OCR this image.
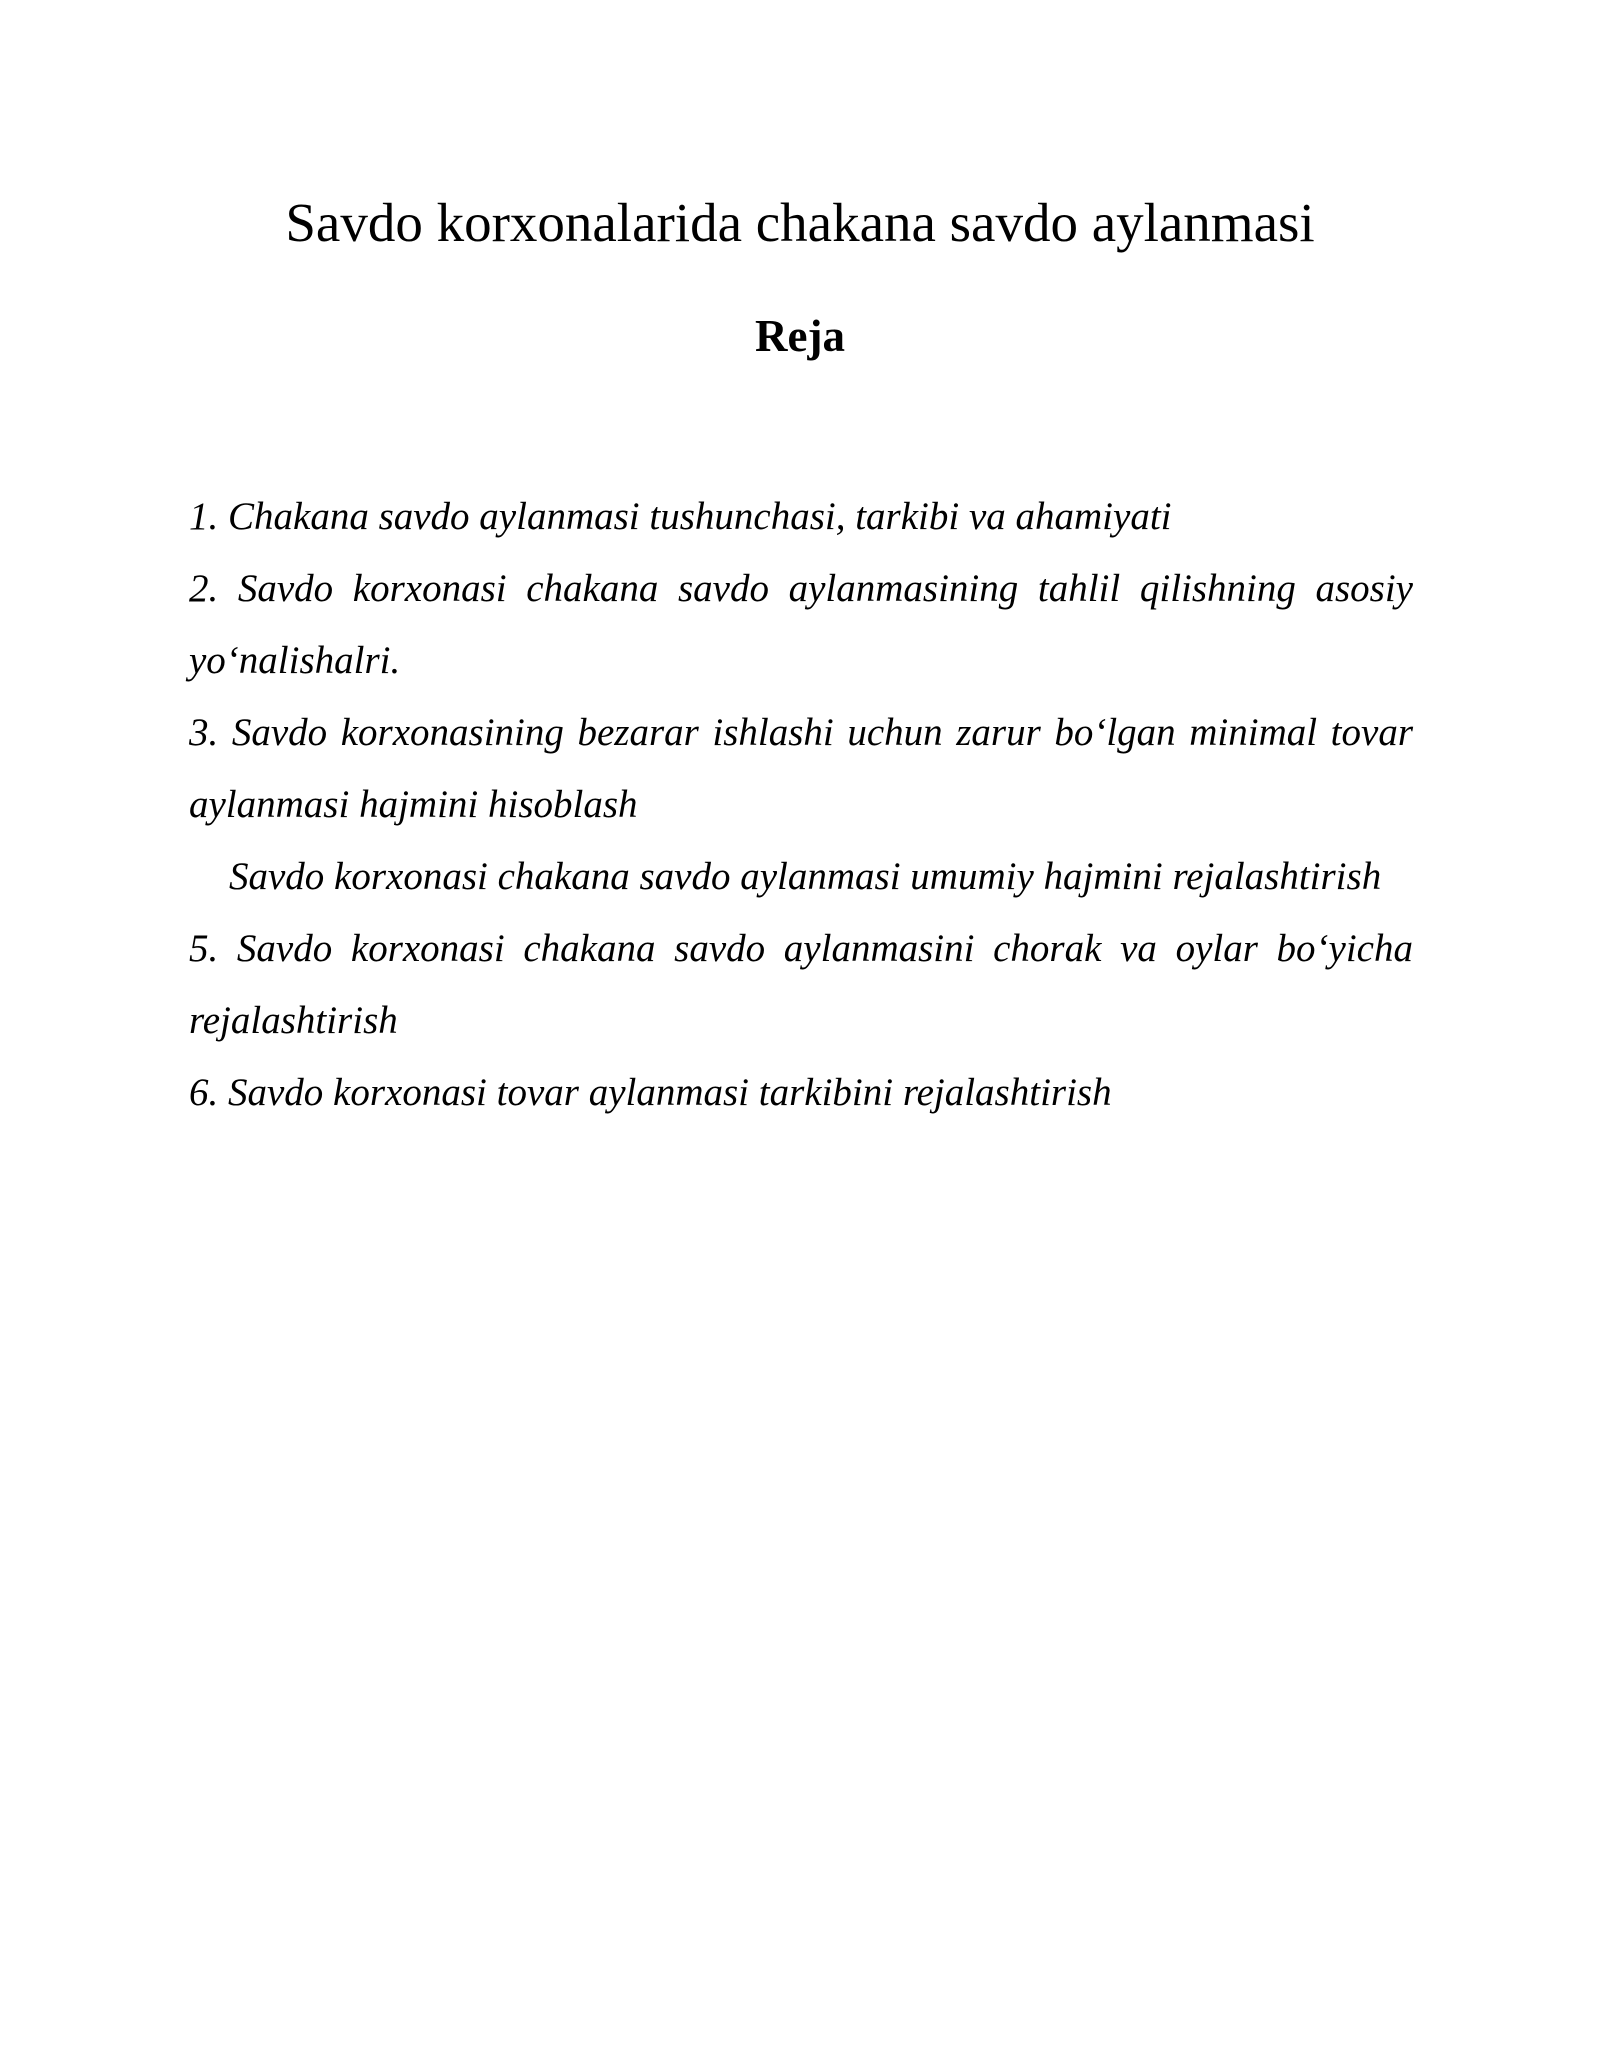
Savdo korxonalarida chakana savdo aylanmasi
Reja
1. Chakana savdo aylanmasi tushunchasi, tarkibi va ahamiyati
2. Savdo korxonasi chakana savdo aylanmasining tahlil qilishning asosiy yo‘nalishalri.
3. Savdo korxonasining bezarar ishlashi uchun zarur bo‘lgan minimal tovar aylanmasi hajmini hisoblash
Savdo korxonasi chakana savdo aylanmasi umumiy hajmini rejalashtirish
5. Savdo korxonasi chakana savdo aylanmasini chorak va oylar bo‘yicha rejalashtirish
6. Savdo korxonasi tovar aylanmasi tarkibini rejalashtirish
